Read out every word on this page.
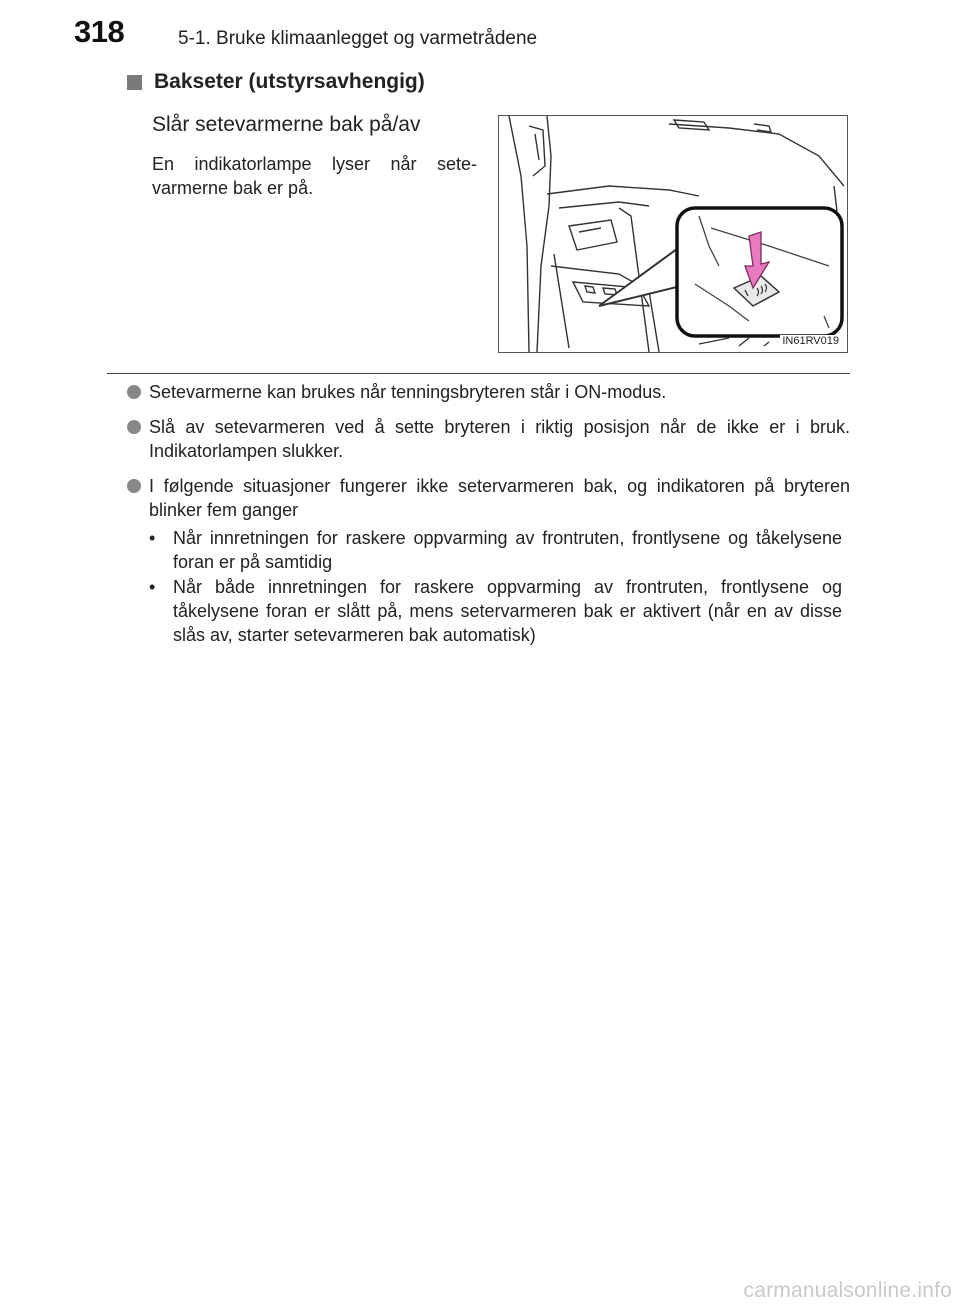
318	5-1. Bruke klimaanlegget og varmetrådene
Bakseter (utstyrsavhengig)
Slår setevarmerne bak på/av
En indikatorlampe lyser når sete-varmerne bak er på.
IN61RV019
Setevarmerne kan brukes når tenningsbryteren står i ON-modus.
Slå av setevarmeren ved å sette bryteren i riktig posisjon når de ikke er i bruk. Indikatorlampen slukker.
I følgende situasjoner fungerer ikke setervarmeren bak, og indikatoren på bryteren blinker fem ganger
• Når innretningen for raskere oppvarming av frontruten, frontlysene og tåkelysene foran er på samtidig
• Når både innretningen for raskere oppvarming av frontruten, frontlysene og tåkelysene foran er slått på, mens setervarmeren bak er aktivert (når en av disse slås av, starter setevarmeren bak automatisk)
carmanualsonline.info
